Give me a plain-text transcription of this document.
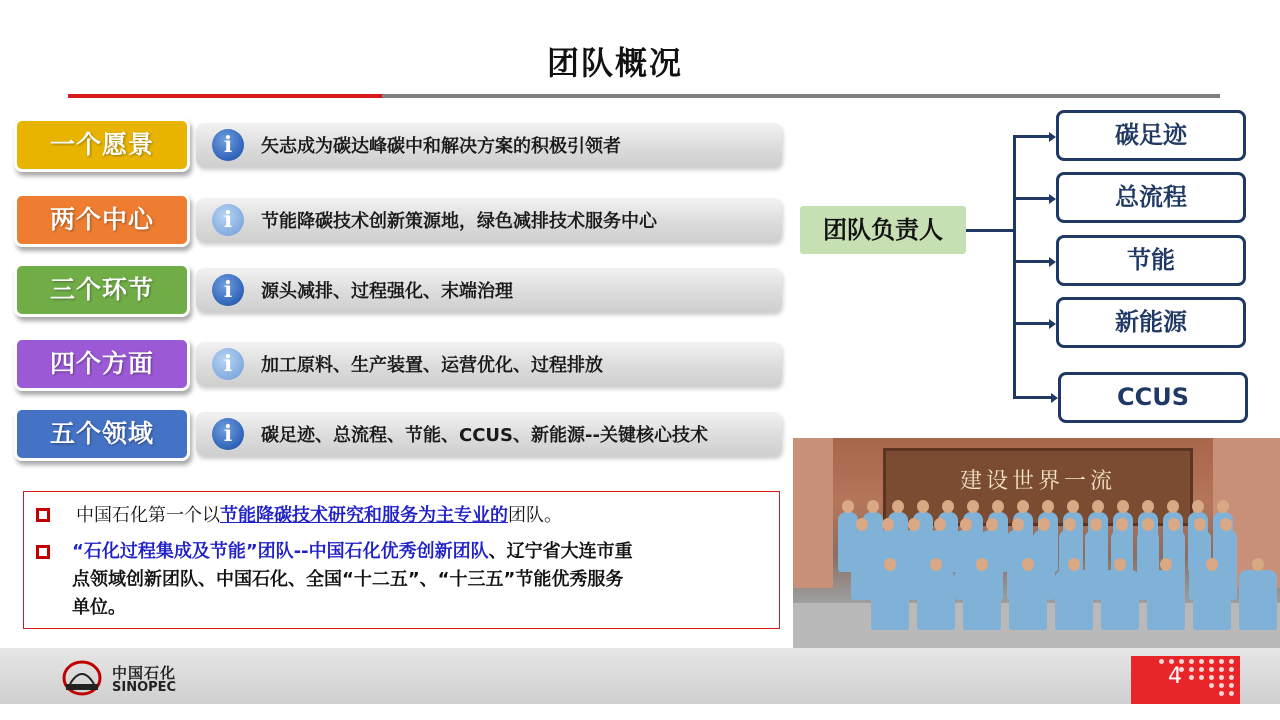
团队概况
一个愿景	i	矢志成为碳达峰碳中和解决方案的积极引领者
两个中心	i	节能降碳技术创新策源地，绿色减排技术服务中心
三个环节	i	源头减排、过程强化、末端治理
四个方面	i	加工原料、生产装置、运营优化、过程排放
五个领域	i	碳足迹、总流程、节能、CCUS、新能源--关键核心技术
团队负责人
碳足迹
总流程
节能
新能源
CCUS
建设世界一流
中国石化第一个以节能降碳技术研究和服务为主专业的团队。
“石化过程集成及节能”团队--中国石化优秀创新团队、辽宁省大连市重
点领域创新团队、中国石化、全国“十二五”、“十三五”节能优秀服务
单位。
中国石化
SINOPEC	4
